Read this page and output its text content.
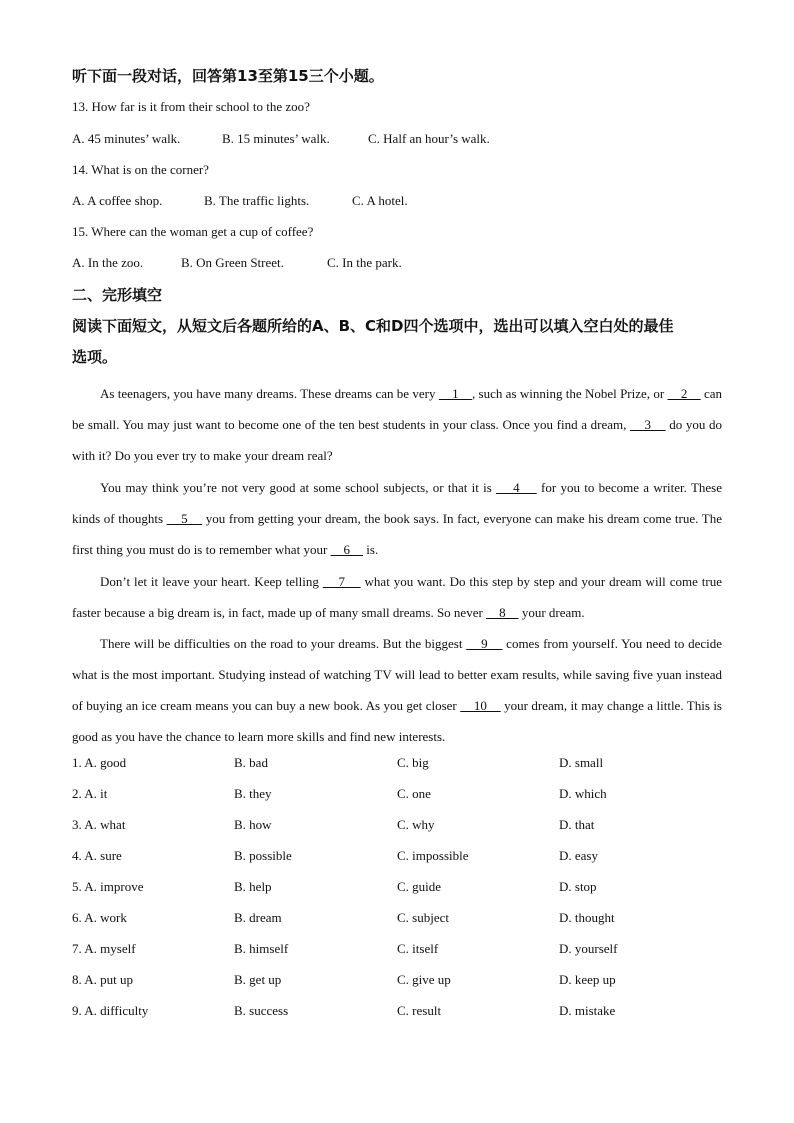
听下面一段对话，回答第13至第15三个小题。
13. How far is it from their school to the zoo?
A. 45 minutes’ walk.	B. 15 minutes’ walk.	C. Half an hour’s walk.
14. What is on the corner?
A. A coffee shop.	B. The traffic lights.	C. A hotel.
15. Where can the woman get a cup of coffee?
A. In the zoo.	B. On Green Street.	C. In the park.
二、完形填空
阅读下面短文，从短文后各题所给的A、B、C和D四个选项中，选出可以填入空白处的最佳
选项。
As teenagers, you have many dreams. These dreams can be very     1    , such as winning the Nobel Prize, or     2     can be small. You may just want to become one of the ten best students in your class. Once you find a dream,     3     do you do with it? Do you ever try to make your dream real?
You may think you’re not very good at some school subjects, or that it is     4     for you to become a writer. These kinds of thoughts     5     you from getting your dream, the book says. In fact, everyone can make his dream come true. The first thing you must do is to remember what your     6     is.
Don’t let it leave your heart. Keep telling     7     what you want. Do this step by step and your dream will come true faster because a big dream is, in fact, made up of many small dreams. So never     8     your dream.
There will be difficulties on the road to your dreams. But the biggest     9     comes from yourself. You need to decide what is the most important. Studying instead of watching TV will lead to better exam results, while saving five yuan instead of buying an ice cream means you can buy a new book. As you get closer     10     your dream, it may change a little. This is good as you have the chance to learn more skills and find new interests.
1. A. good	B. bad	C. big	D. small
2. A. it	B. they	C. one	D. which
3. A. what	B. how	C. why	D. that
4. A. sure	B. possible	C. impossible	D. easy
5. A. improve	B. help	C. guide	D. stop
6. A. work	B. dream	C. subject	D. thought
7. A. myself	B. himself	C. itself	D. yourself
8. A. put up	B. get up	C. give up	D. keep up
9. A. difficulty	B. success	C. result	D. mistake
